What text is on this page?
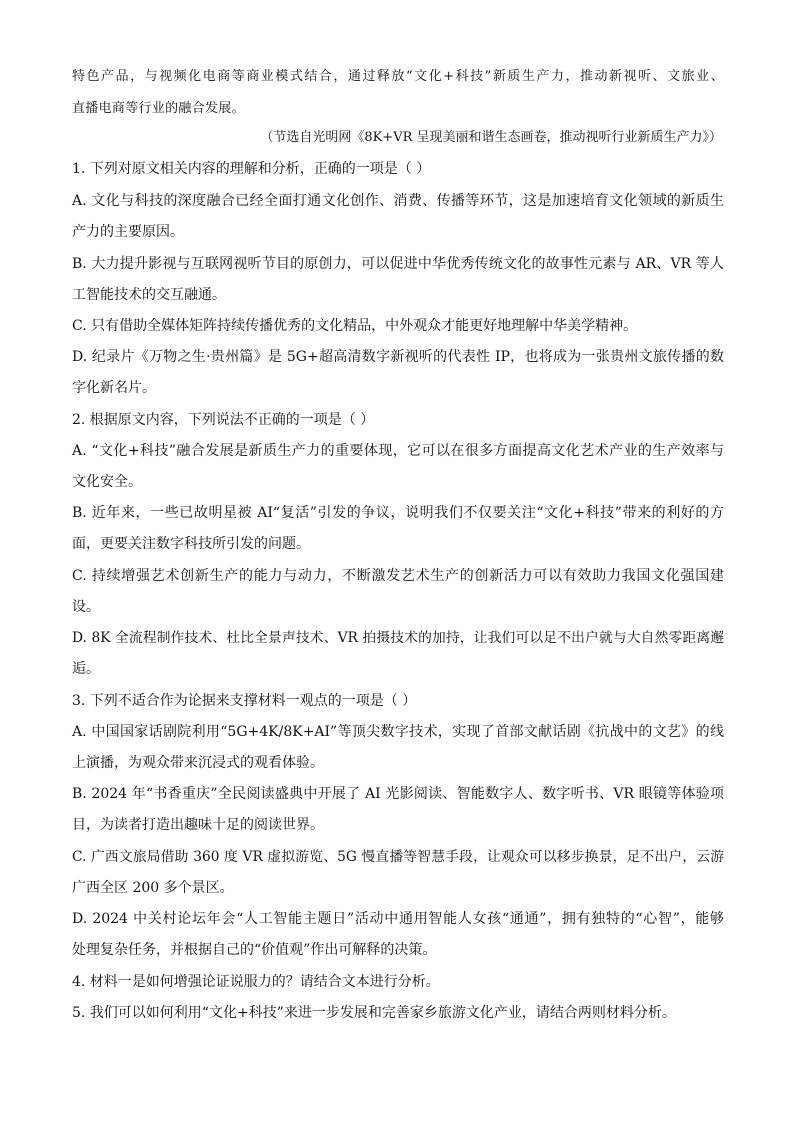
特色产品，与视频化电商等商业模式结合，通过释放“文化+科技”新质生产力，推动新视听、文旅业、
直播电商等行业的融合发展。
（节选自光明网《8K+VR 呈现美丽和谐生态画卷，推动视听行业新质生产力》）
1. 下列对原文相关内容的理解和分析，正确的一项是（ ）
A. 文化与科技的深度融合已经全面打通文化创作、消费、传播等环节，这是加速培育文化领域的新质生
产力的主要原因。
B. 大力提升影视与互联网视听节目的原创力，可以促进中华优秀传统文化的故事性元素与 AR、VR 等人
工智能技术的交互融通。
C. 只有借助全媒体矩阵持续传播优秀的文化精品，中外观众才能更好地理解中华美学精神。
D. 纪录片《万物之生·贵州篇》是 5G+超高清数字新视听的代表性 IP，也将成为一张贵州文旅传播的数
字化新名片。
2. 根据原文内容，下列说法不正确的一项是（ ）
A. “文化+科技”融合发展是新质生产力的重要体现，它可以在很多方面提高文化艺术产业的生产效率与
文化安全。
B. 近年来，一些已故明星被 AI“复活”引发的争议，说明我们不仅要关注“文化+科技”带来的利好的方
面，更要关注数字科技所引发的问题。
C. 持续增强艺术创新生产的能力与动力，不断激发艺术生产的创新活力可以有效助力我国文化强国建
设。
D. 8K 全流程制作技术、杜比全景声技术、VR 拍摄技术的加持，让我们可以足不出户就与大自然零距离邂
逅。
3. 下列不适合作为论据来支撑材料一观点的一项是（ ）
A. 中国国家话剧院利用“5G+4K/8K+AI”等顶尖数字技术，实现了首部文献话剧《抗战中的文艺》的线
上演播，为观众带来沉浸式的观看体验。
B. 2024 年“书香重庆”全民阅读盛典中开展了 AI 光影阅读、智能数字人、数字听书、VR 眼镜等体验项
目，为读者打造出趣味十足的阅读世界。
C. 广西文旅局借助 360 度 VR 虚拟游览、5G 慢直播等智慧手段，让观众可以移步换景，足不出户，云游
广西全区 200 多个景区。
D. 2024 中关村论坛年会“人工智能主题日”活动中通用智能人女孩“通通”，拥有独特的“心智”，能够
处理复杂任务，并根据自己的“价值观”作出可解释的决策。
4. 材料一是如何增强论证说服力的？请结合文本进行分析。
5. 我们可以如何利用“文化+科技”来进一步发展和完善家乡旅游文化产业，请结合两则材料分析。
